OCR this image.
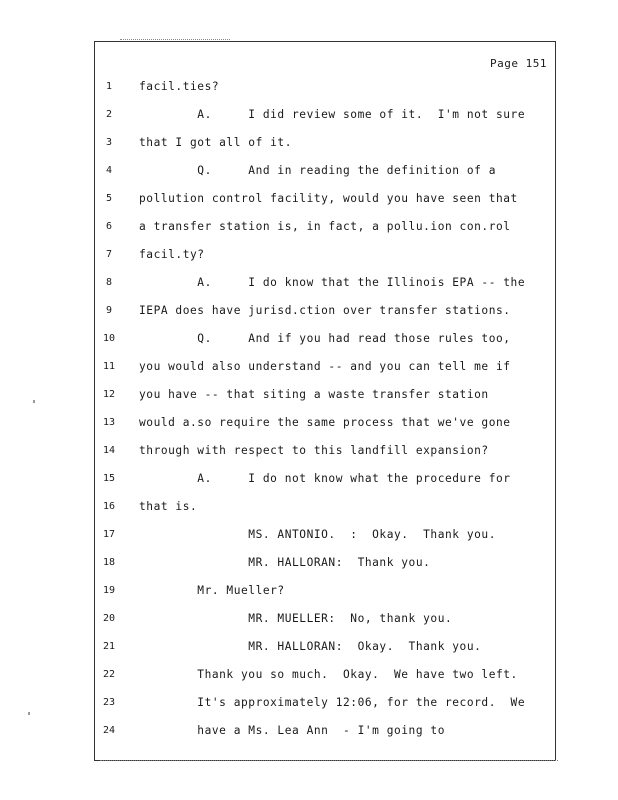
Page 151
1	facil.ties?
2	A.     I did review some of it.  I'm not sure
3	that I got all of it.
4	Q.     And in reading the definition of a
5	pollution control facility, would you have seen that
6	a transfer station is, in fact, a pollu.ion con.rol
7	facil.ty?
8	A.     I do know that the Illinois EPA -- the
9	IEPA does have jurisd.ction over transfer stations.
10	Q.     And if you had read those rules too,
11	you would also understand -- and you can tell me if
12	you have -- that siting a waste transfer station
13	would a.so require the same process that we've gone
14	through with respect to this landfill expansion?
15	A.     I do not know what the procedure for
16	that is.
17	MS. ANTONIO.  :  Okay.  Thank you.
18	MR. HALLORAN:  Thank you.
19	Mr. Mueller?
20	MR. MUELLER:  No, thank you.
21	MR. HALLORAN:  Okay.  Thank you.
22	Thank you so much.  Okay.  We have two left.
23	It's approximately 12:06, for the record.  We
24	have a Ms. Lea Ann  - I'm going to
